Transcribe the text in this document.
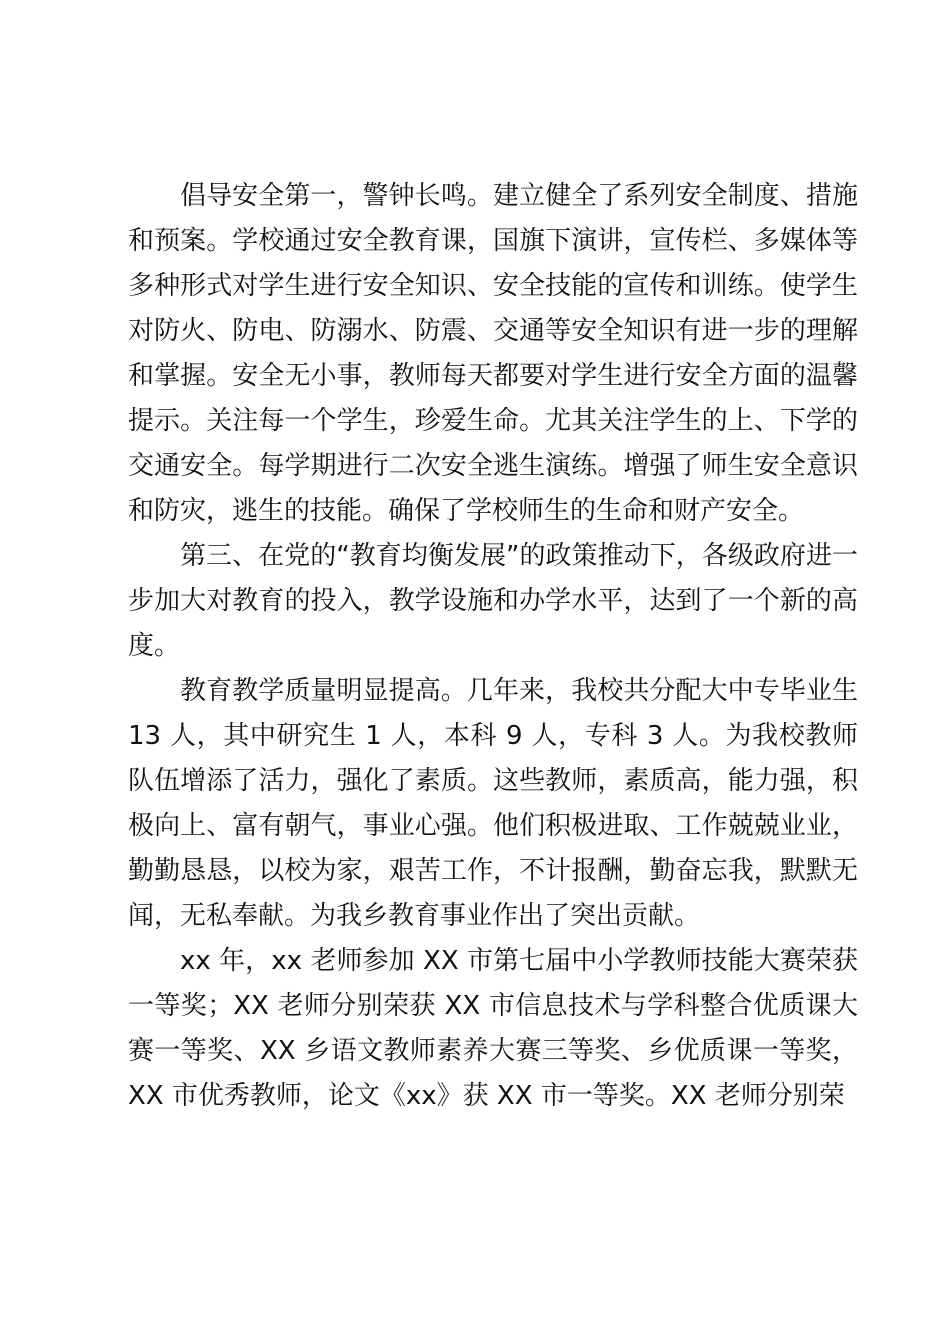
倡导安全第一，警钟长鸣。建立健全了系列安全制度、措施和预案。学校通过安全教育课，国旗下演讲，宣传栏、多媒体等多种形式对学生进行安全知识、安全技能的宣传和训练。使学生对防火、防电、防溺水、防震、交通等安全知识有进一步的理解和掌握。安全无小事，教师每天都要对学生进行安全方面的温馨提示。关注每一个学生，珍爱生命。尤其关注学生的上、下学的交通安全。每学期进行二次安全逃生演练。增强了师生安全意识和防灾，逃生的技能。确保了学校师生的生命和财产安全。

第三、在党的“教育均衡发展”的政策推动下，各级政府进一步加大对教育的投入，教学设施和办学水平，达到了一个新的高度。

教育教学质量明显提高。几年来，我校共分配大中专毕业生 13 人，其中研究生 1 人，本科 9 人，专科 3 人。为我校教师队伍增添了活力，强化了素质。这些教师，素质高，能力强，积极向上、富有朝气，事业心强。他们积极进取、工作兢兢业业，勤勤恳恳，以校为家，艰苦工作，不计报酬，勤奋忘我，默默无闻，无私奉献。为我乡教育事业作出了突出贡献。

xx 年，xx 老师参加 XX 市第七届中小学教师技能大赛荣获一等奖；XX 老师分别荣获 XX 市信息技术与学科整合优质课大赛一等奖、XX 乡语文教师素养大赛三等奖、乡优质课一等奖，XX 市优秀教师，论文《xx》获 XX 市一等奖。XX 老师分别荣
